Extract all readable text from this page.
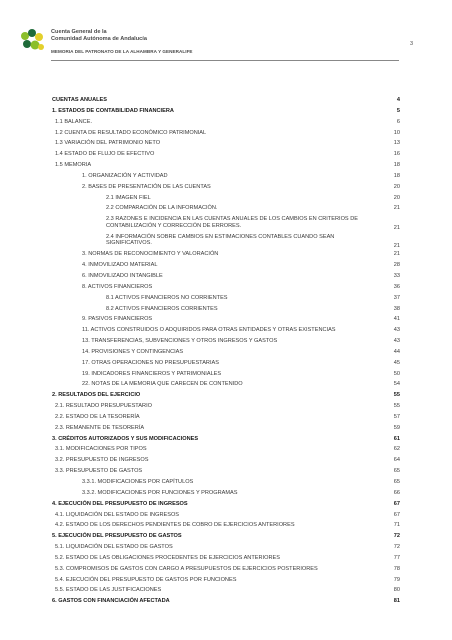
Cuenta General de la
Comunidad Autónoma de Andalucía
MEMORIA DEL PATRONATO DE LA ALHAMBRA Y GENERALIFE
3
CUENTAS ANUALES	4
1. ESTADOS DE CONTABILIDAD FINANCIERA	5
1.1 BALANCE.	6
1.2 CUENTA DE RESULTADO ECONÓMICO PATRIMONIAL	10
1.3 VARIACIÓN DEL PATRIMONIO NETO	13
1.4 ESTADO DE FLUJO DE EFECTIVO	16
1.5 MEMORIA	18
1. ORGANIZACIÓN Y ACTIVIDAD	18
2. BASES DE PRESENTACIÓN DE LAS CUENTAS	20
2.1 IMAGEN FIEL	20
2.2 COMPARACIÓN DE LA INFORMACIÓN.	21
2.3 RAZONES E INCIDENCIA EN LAS CUENTAS ANUALES DE LOS CAMBIOS EN CRITERIOS DE CONTABILIZACIÓN Y CORRECCIÓN DE ERRORES.	21
2.4 INFORMACIÓN SOBRE CAMBIOS EN ESTIMACIONES CONTABLES CUANDO SEAN SIGNIFICATIVOS.	21
3. NORMAS DE RECONOCIMIENTO Y VALORACIÓN	21
4. INMOVILIZADO MATERIAL	28
6. INMOVILIZADO INTANGIBLE	33
8. ACTIVOS FINANCIEROS	36
8.1 ACTIVOS FINANCIEROS NO CORRIENTES	37
8.2 ACTIVOS FINANCIEROS CORRIENTES	38
9. PASIVOS FINANCIEROS	41
11. ACTIVOS CONSTRUIDOS O ADQUIRIDOS PARA OTRAS ENTIDADES Y OTRAS EXISTENCIAS	43
13. TRANSFERENCIAS, SUBVENCIONES Y OTROS INGRESOS Y GASTOS	43
14. PROVISIONES Y CONTINGENCIAS	44
17. OTRAS OPERACIONES NO PRESUPUESTARIAS	45
19. INDICADORES FINANCIEROS Y PATRIMONIALES	50
22. NOTAS DE LA MEMORIA QUE CARECEN DE CONTENIDO	54
2. RESULTADOS DEL EJERCICIO	55
2.1. RESULTADO PRESUPUESTARIO	55
2.2. ESTADO DE LA TESORERÍA	57
2.3. REMANENTE DE TESORERÍA	59
3. CRÉDITOS AUTORIZADOS Y SUS MODIFICACIONES	61
3.1. MODIFICACIONES POR TIPOS	62
3.2. PRESUPUESTO DE INGRESOS	64
3.3. PRESUPUESTO DE GASTOS	65
3.3.1. MODIFICACIONES POR CAPÍTULOS	65
3.3.2. MODIFICACIONES POR FUNCIONES Y PROGRAMAS	66
4. EJECUCIÓN DEL PRESUPUESTO DE INGRESOS	67
4.1. LIQUIDACIÓN DEL ESTADO DE INGRESOS	67
4.2. ESTADO DE LOS DERECHOS PENDIENTES DE COBRO DE EJERCICIOS ANTERIORES	71
5. EJECUCIÓN DEL PRESUPUESTO DE GASTOS	72
5.1. LIQUIDACIÓN DEL ESTADO DE GASTOS	72
5.2. ESTADO DE LAS OBLIGACIONES PROCEDENTES DE EJERCICIOS ANTERIORES	77
5.3. COMPROMISOS DE GASTOS CON CARGO A PRESUPUESTOS DE EJERCICIOS POSTERIORES	78
5.4. EJECUCIÓN DEL PRESUPUESTO DE GASTOS POR FUNCIONES	79
5.5. ESTADO DE LAS JUSTIFICACIONES	80
6. GASTOS CON FINANCIACIÓN AFECTADA	81
